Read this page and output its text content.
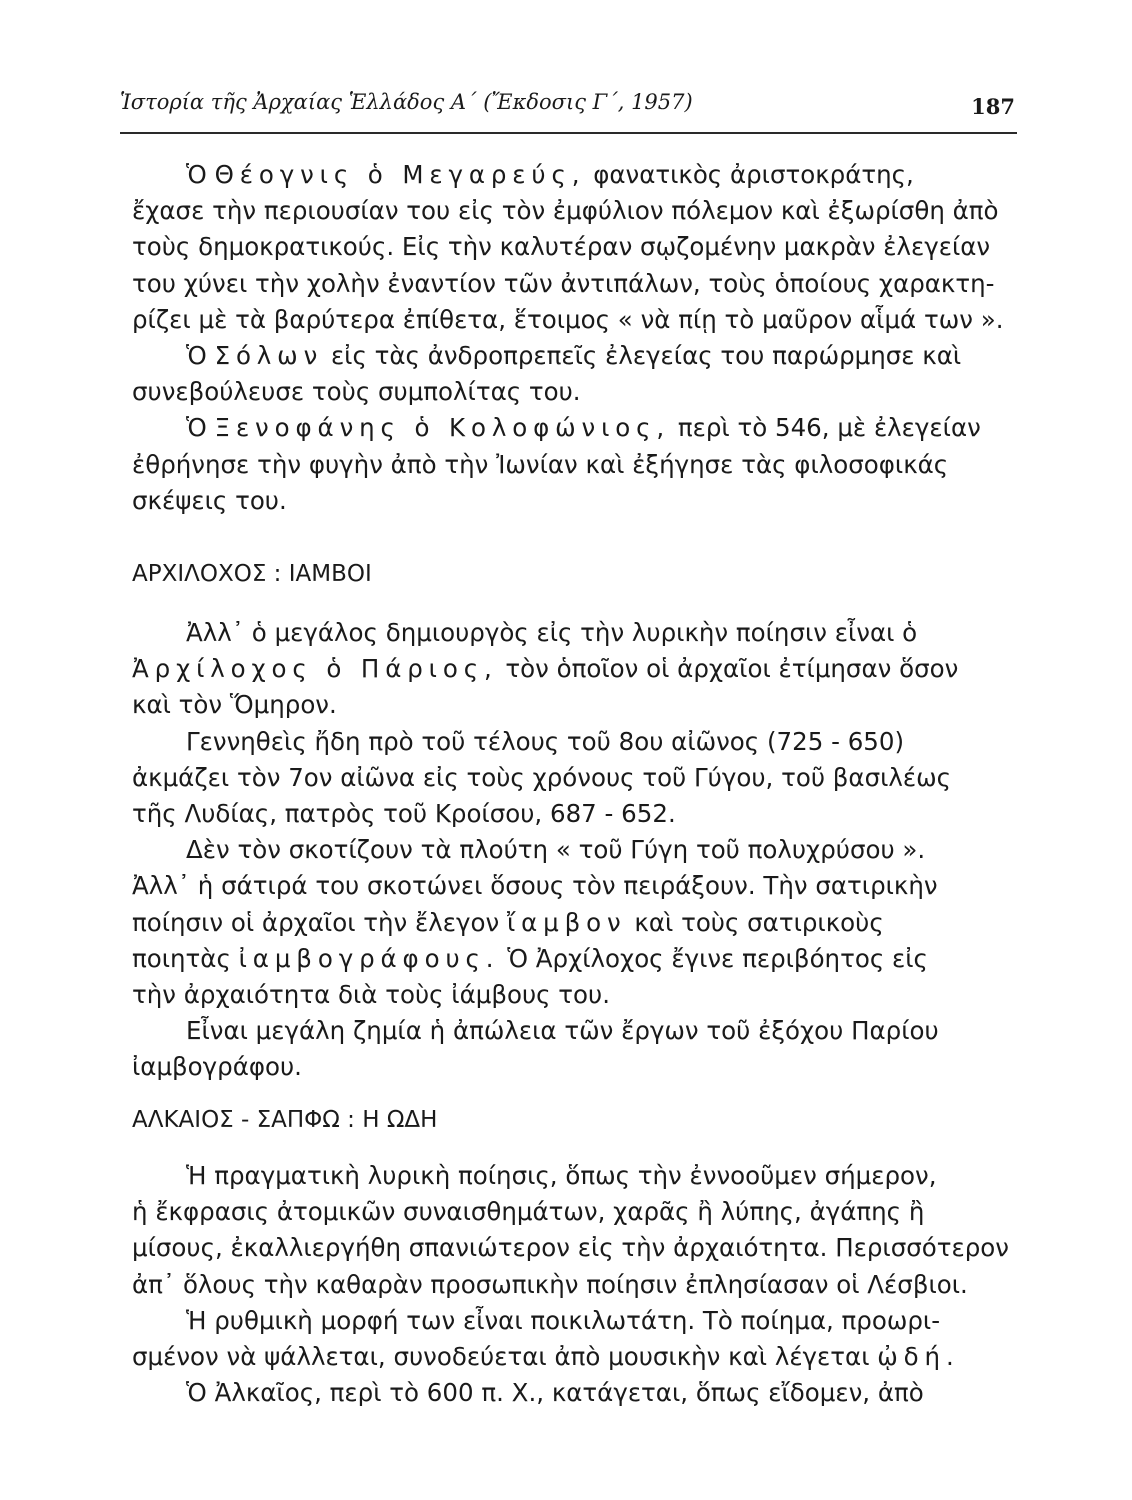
Ἱστορία τῆς Ἀρχαίας Ἑλλάδος Α΄ (Ἔκδοσις Γ΄, 1957)	187

Ὁ Θέογνις ὁ Μεγαρεύς, φανατικὸς ἀριστοκράτης,

ἔχασε τὴν περιουσίαν του εἰς τὸν ἐμφύλιον πόλεμον καὶ ἐξωρίσθη ἀπὸ

τοὺς δημοκρατικούς. Εἰς τὴν καλυτέραν σῳζομένην μακρὰν ἐλεγείαν

του χύνει τὴν χολὴν ἐναντίον τῶν ἀντιπάλων, τοὺς ὁποίους χαρακτη-

ρίζει μὲ τὰ βαρύτερα ἐπίθετα, ἕτοιμος « νὰ πίῃ τὸ μαῦρον αἷμά των ».

Ὁ Σόλων εἰς τὰς ἀνδροπρεπεῖς ἐλεγείας του παρώρμησε καὶ

συνεβούλευσε τοὺς συμπολίτας του.

Ὁ Ξενοφάνης ὁ Κολοφώνιος, περὶ τὸ 546, μὲ ἐλεγείαν

ἐθρήνησε τὴν φυγὴν ἀπὸ τὴν Ἰωνίαν καὶ ἐξήγησε τὰς φιλοσοφικάς

σκέψεις του.

ΑΡΧΙΛΟΧΟΣ : ΙΑΜΒΟΙ

Ἀλλ᾽ ὁ μεγάλος δημιουργὸς εἰς τὴν λυρικὴν ποίησιν εἶναι ὁ

Ἀρχίλοχος ὁ Πάριος, τὸν ὁποῖον οἱ ἀρχαῖοι ἐτίμησαν ὅσον

καὶ τὸν Ὅμηρον.

Γεννηθεὶς ἤδη πρὸ τοῦ τέλους τοῦ 8ου αἰῶνος (725 - 650)

ἀκμάζει τὸν 7ον αἰῶνα εἰς τοὺς χρόνους τοῦ Γύγου, τοῦ βασιλέως

τῆς Λυδίας, πατρὸς τοῦ Κροίσου, 687 - 652.

Δὲν τὸν σκοτίζουν τὰ πλούτη « τοῦ Γύγη τοῦ πολυχρύσου ».

Ἀλλ᾽ ἡ σάτιρά του σκοτώνει ὅσους τὸν πειράξουν. Τὴν σατιρικὴν

ποίησιν οἱ ἀρχαῖοι τὴν ἔλεγον ἴαμβον καὶ τοὺς σατιρικοὺς

ποιητὰς ἰαμβογράφους. Ὁ Ἀρχίλοχος ἔγινε περιβόητος εἰς

τὴν ἀρχαιότητα διὰ τοὺς ἰάμβους του.

Εἶναι μεγάλη ζημία ἡ ἀπώλεια τῶν ἔργων τοῦ ἐξόχου Παρίου

ἰαμβογράφου.

ΑΛΚΑΙΟΣ - ΣΑΠΦΩ : Η ΩΔΗ

Ἡ πραγματικὴ λυρικὴ ποίησις, ὅπως τὴν ἐννοοῦμεν σήμερον,

ἡ ἔκφρασις ἀτομικῶν συναισθημάτων, χαρᾶς ἢ λύπης, ἀγάπης ἢ

μίσους, ἐκαλλιεργήθη σπανιώτερον εἰς τὴν ἀρχαιότητα. Περισσότερον

ἀπ᾽ ὅλους τὴν καθαρὰν προσωπικὴν ποίησιν ἐπλησίασαν οἱ Λέσβιοι.

Ἡ ρυθμικὴ μορφή των εἶναι ποικιλωτάτη. Τὸ ποίημα, προωρι-

σμένον νὰ ψάλλεται, συνοδεύεται ἀπὸ μουσικὴν καὶ λέγεται ᾠδή.

Ὁ Ἀλκαῖος, περὶ τὸ 600 π. Χ., κατάγεται, ὅπως εἴδομεν, ἀπὸ
